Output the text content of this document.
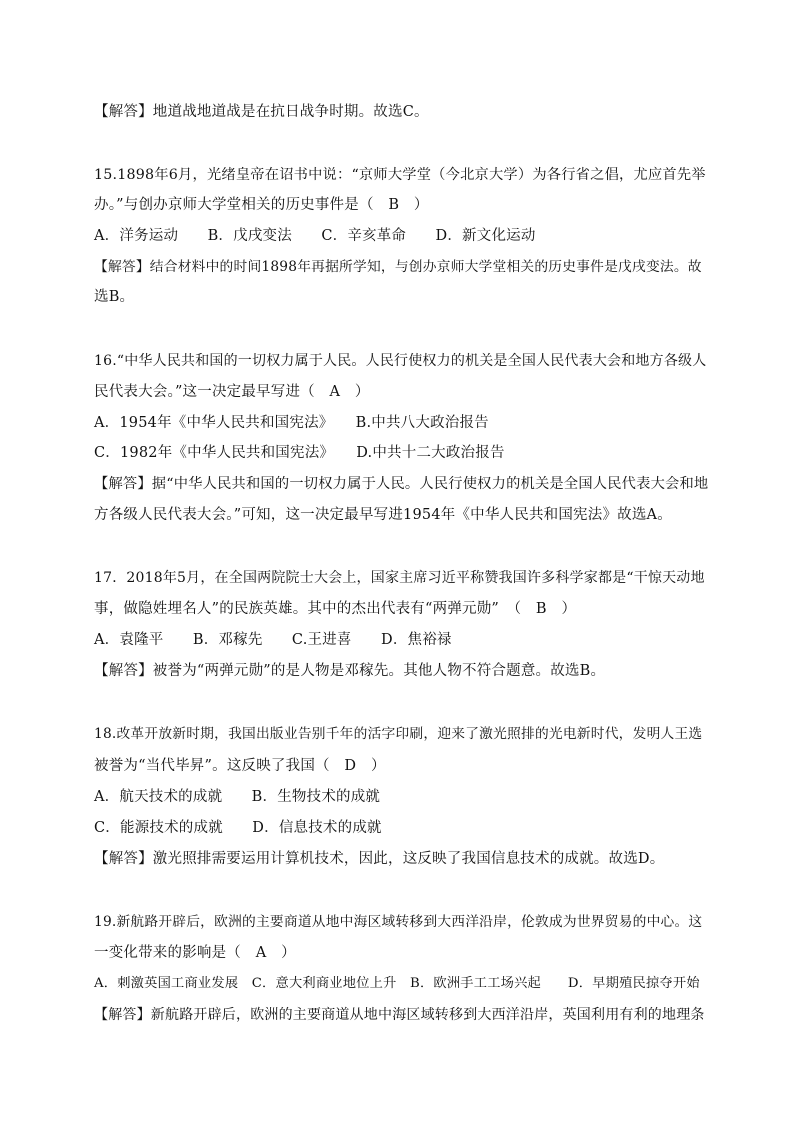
【解答】地道战地道战是在抗日战争时期。故选C。
15.1898年6月，光绪皇帝在诏书中说：“京师大学堂（今北京大学）为各行省之倡，尤应首先举
办。”与创办京师大学堂相关的历史事件是（　B　）
A．洋务运动　　B．戊戌变法　　C．辛亥革命　　D．新文化运动
【解答】结合材料中的时间1898年再据所学知，与创办京师大学堂相关的历史事件是戊戌变法。故
选B。
16.“中华人民共和国的一切权力属于人民。人民行使权力的机关是全国人民代表大会和地方各级人
民代表大会。”这一决定最早写进（　A　）
A．1954年《中华人民共和国宪法》　　B.中共八大政治报告
C．1982年《中华人民共和国宪法》　　D.中共十二大政治报告
【解答】据“中华人民共和国的一切权力属于人民。人民行使权力的机关是全国人民代表大会和地
方各级人民代表大会。”可知，这一决定最早写进1954年《中华人民共和国宪法》故选A。
17．2018年5月，在全国两院院士大会上，国家主席习近平称赞我国许多科学家都是“干惊天动地
事，做隐姓埋名人”的民族英雄。其中的杰出代表有“两弹元勋”　（　B　）
A．袁隆平　　B．邓稼先　　C.王进喜　　D．焦裕禄
【解答】被誉为“两弹元勋”的是人物是邓稼先。其他人物不符合题意。故选B。
18.改革开放新时期，我国出版业告别千年的活字印刷，迎来了激光照排的光电新时代，发明人王选
被誉为“当代毕昇”。这反映了我国（　D　）
A．航天技术的成就　　B．生物技术的成就
C．能源技术的成就　　D．信息技术的成就
【解答】激光照排需要运用计算机技术，因此，这反映了我国信息技术的成就。故选D。
19.新航路开辟后，欧洲的主要商道从地中海区域转移到大西洋沿岸，伦敦成为世界贸易的中心。这
一变化带来的影响是（　A　）
A．刺激英国工商业发展　C．意大利商业地位上升　B．欧洲手工工场兴起　　D．早期殖民掠夺开始
【解答】新航路开辟后，欧洲的主要商道从地中海区域转移到大西洋沿岸，英国利用有利的地理条
